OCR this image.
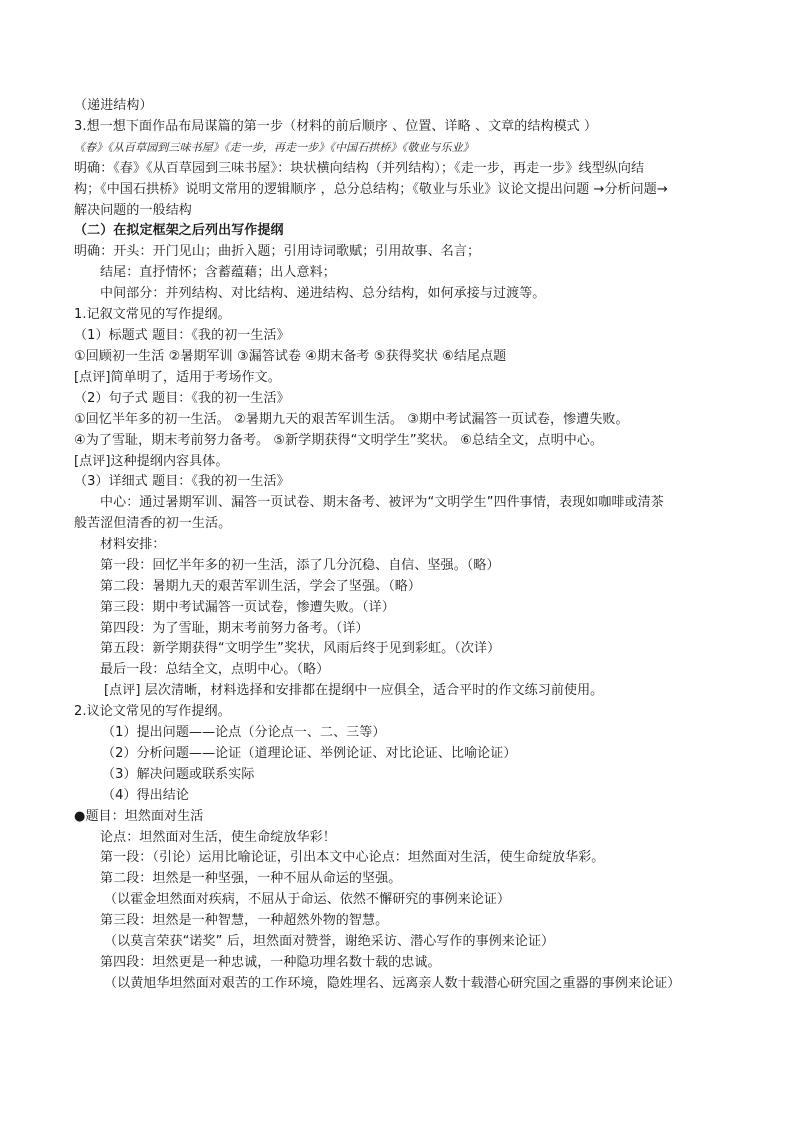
（递进结构）
3.想一想下面作品布局谋篇的第一步（材料的前后顺序 、位置、详略 、文章的结构模式 ）
《春》《从百草园到三味书屋》《走一步，再走一步》《中国石拱桥》《敬业与乐业》
明确：《春》《从百草园到三味书屋》：块状横向结构（并列结构）；《走一步，再走一步》线型纵向结
构；《中国石拱桥》说明文常用的逻辑顺序 ，总分总结构；《敬业与乐业》议论文提出问题 →分析问题→
解决问题的一般结构
（二）在拟定框架之后列出写作提纲
明确：开头：开门见山；曲折入题；引用诗词歌赋；引用故事、名言；
结尾：直抒情怀；含蓄蕴藉；出人意料；
中间部分：并列结构、对比结构、递进结构、总分结构，如何承接与过渡等。
1.记叙文常见的写作提纲。
（1）标题式 题目：《我的初一生活》
①回顾初一生活 ②暑期军训 ③漏答试卷 ④期末备考 ⑤获得奖状 ⑥结尾点题
[点评]简单明了，适用于考场作文。
（2）句子式 题目：《我的初一生活》
①回忆半年多的初一生活。 ②暑期九天的艰苦军训生活。 ③期中考试漏答一页试卷，惨遭失败。
④为了雪耻，期末考前努力备考。 ⑤新学期获得“文明学生”奖状。 ⑥总结全文，点明中心。
[点评]这种提纲内容具体。
（3）详细式 题目：《我的初一生活》
中心：通过暑期军训、漏答一页试卷、期末备考、被评为“文明学生”四件事情，表现如咖啡或清茶
般苦涩但清香的初一生活。
材料安排：
第一段：回忆半年多的初一生活，添了几分沉稳、自信、坚强。（略）
第二段：暑期九天的艰苦军训生活，学会了坚强。（略）
第三段：期中考试漏答一页试卷，惨遭失败。（详）
第四段：为了雪耻，期末考前努力备考。（详）
第五段：新学期获得“文明学生”奖状，风雨后终于见到彩虹。（次详）
最后一段：总结全文，点明中心。（略）
[点评] 层次清晰，材料选择和安排都在提纲中一应俱全，适合平时的作文练习前使用。
2.议论文常见的写作提纲。
（1）提出问题——论点（分论点一、二、三等）
（2）分析问题——论证（道理论证、举例论证、对比论证、比喻论证）
（3）解决问题或联系实际
（4）得出结论
●题目：坦然面对生活
论点：坦然面对生活，使生命绽放华彩！
第一段：（引论）运用比喻论证，引出本文中心论点：坦然面对生活，使生命绽放华彩。
第二段：坦然是一种坚强，一种不屈从命运的坚强。
（以霍金坦然面对疾病，不屈从于命运、依然不懈研究的事例来论证）
第三段：坦然是一种智慧，一种超然外物的智慧。
（以莫言荣获“诺奖” 后，坦然面对赞誉，谢绝采访、潜心写作的事例来论证）
第四段：坦然更是一种忠诚，一种隐功埋名数十载的忠诚。
（以黄旭华坦然面对艰苦的工作环境，隐姓埋名、远离亲人数十载潜心研究国之重器的事例来论证）
